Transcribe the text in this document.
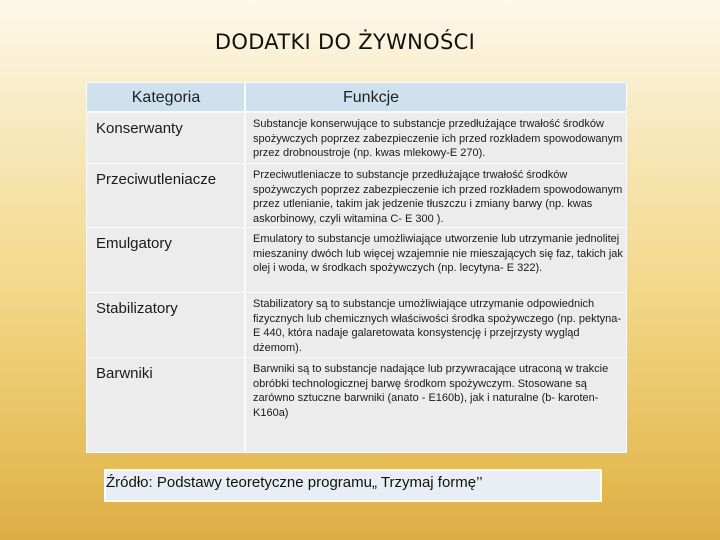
DODATKI DO ŻYWNOŚCI
Kategoria	Funkcje
Konserwanty	Substancje konserwujące to substancje przedłużające trwałość środków spożywczych poprzez zabezpieczenie ich przed rozkładem spowodowanym przez drobnoustroje (np. kwas mlekowy-E 270).
Przeciwutleniacze	Przeciwutleniacze to substancje przedłużające trwałość środków spożywczych poprzez zabezpieczenie ich przed rozkładem spowodowanym przez utlenianie, takim jak jedzenie tłuszczu i zmiany barwy (np. kwas askorbinowy, czyli witamina C- E 300 ).
Emulgatory	Emulatory to substancje umożliwiające utworzenie lub utrzymanie jednolitej mieszaniny dwóch lub więcej wzajemnie nie mieszających się faz, takich jak olej i woda, w środkach spożywczych (np. lecytyna- E 322).
Stabilizatory	Stabilizatory są to substancje umożliwiające utrzymanie odpowiednich fizycznych lub chemicznych właściwości środka spożywczego (np. pektyna- E 440, która nadaje galaretowata konsystencję i przejrzysty wygląd dżemom).
Barwniki	Barwniki są to substancje nadające lub przywracające utraconą w trakcie obróbki technologicznej barwę środkom spożywczym. Stosowane są zarówno sztuczne barwniki (anato - E160b), jak i naturalne (b- karoten- K160a)
Źródło: Podstawy teoretyczne programu„ Trzymaj formę’’
